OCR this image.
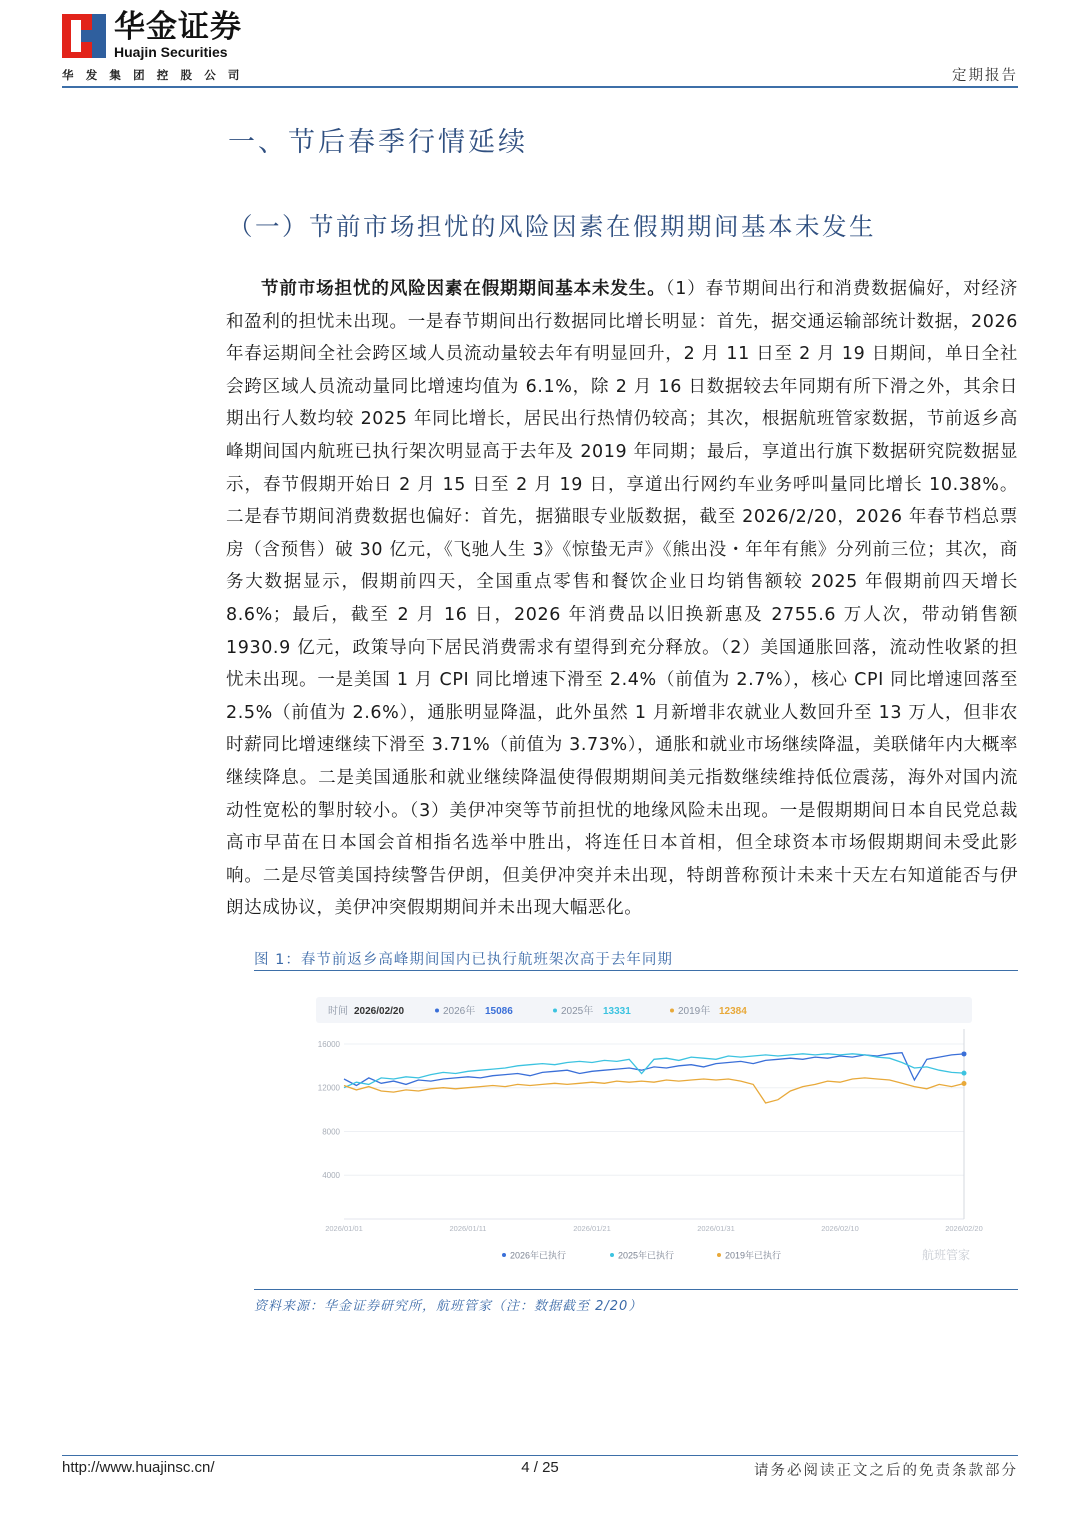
华金证券
Huajin Securities
华发集团控股公司	定期报告
一、节后春季行情延续
（一）节前市场担忧的风险因素在假期期间基本未发生

节前市场担忧的风险因素在假期期间基本未发生。（1）春节期间出行和消费数据偏好，对经济和盈利的担忧未出现。一是春节期间出行数据同比增长明显：首先，据交通运输部统计数据，2026 年春运期间全社会跨区域人员流动量较去年有明显回升，2 月 11 日至 2 月 19 日期间，单日全社会跨区域人员流动量同比增速均值为 6.1%，除 2 月 16 日数据较去年同期有所下滑之外，其余日期出行人数均较 2025 年同比增长，居民出行热情仍较高；其次，根据航班管家数据，节前返乡高峰期间国内航班已执行架次明显高于去年及 2019 年同期；最后，享道出行旗下数据研究院数据显示，春节假期开始日 2 月 15 日至 2 月 19 日，享道出行网约车业务呼叫量同比增长 10.38%。二是春节期间消费数据也偏好：首先，据猫眼专业版数据，截至 2026/2/20，2026 年春节档总票房（含预售）破 30 亿元，《飞驰人生 3》《惊蛰无声》《熊出没・年年有熊》分列前三位；其次，商务大数据显示，假期前四天，全国重点零售和餐饮企业日均销售额较 2025 年假期前四天增长 8.6%；最后，截至 2 月 16 日，2026 年消费品以旧换新惠及 2755.6 万人次，带动销售额 1930.9 亿元，政策导向下居民消费需求有望得到充分释放。（2）美国通胀回落，流动性收紧的担忧未出现。一是美国 1 月 CPI 同比增速下滑至 2.4%（前值为 2.7%），核心 CPI 同比增速回落至 2.5%（前值为 2.6%），通胀明显降温，此外虽然 1 月新增非农就业人数回升至 13 万人，但非农时薪同比增速继续下滑至 3.71%（前值为 3.73%），通胀和就业市场继续降温，美联储年内大概率继续降息。二是美国通胀和就业继续降温使得假期期间美元指数继续维持低位震荡，海外对国内流动性宽松的掣肘较小。（3）美伊冲突等节前担忧的地缘风险未出现。一是假期期间日本自民党总裁高市早苗在日本国会首相指名选举中胜出，将连任日本首相，但全球资本市场假期期间未受此影响。二是尽管美国持续警告伊朗，但美伊冲突并未出现，特朗普称预计未来十天左右知道能否与伊朗达成协议，美伊冲突假期期间并未出现大幅恶化。

图 1：春节前返乡高峰期间国内已执行航班架次高于去年同期
时间 2026/02/20	2026年 15086	2025年 13331	2019年 12384
4000
8000
12000
16000
2026/01/01	2026/01/11	2026/01/21	2026/01/31	2026/02/10	2026/02/20
2026年已执行	2025年已执行	2019年已执行	航班管家
资料来源：华金证券研究所，航班管家（注：数据截至 2/20）
http://www.huajinsc.cn/	4 / 25	请务必阅读正文之后的免责条款部分
